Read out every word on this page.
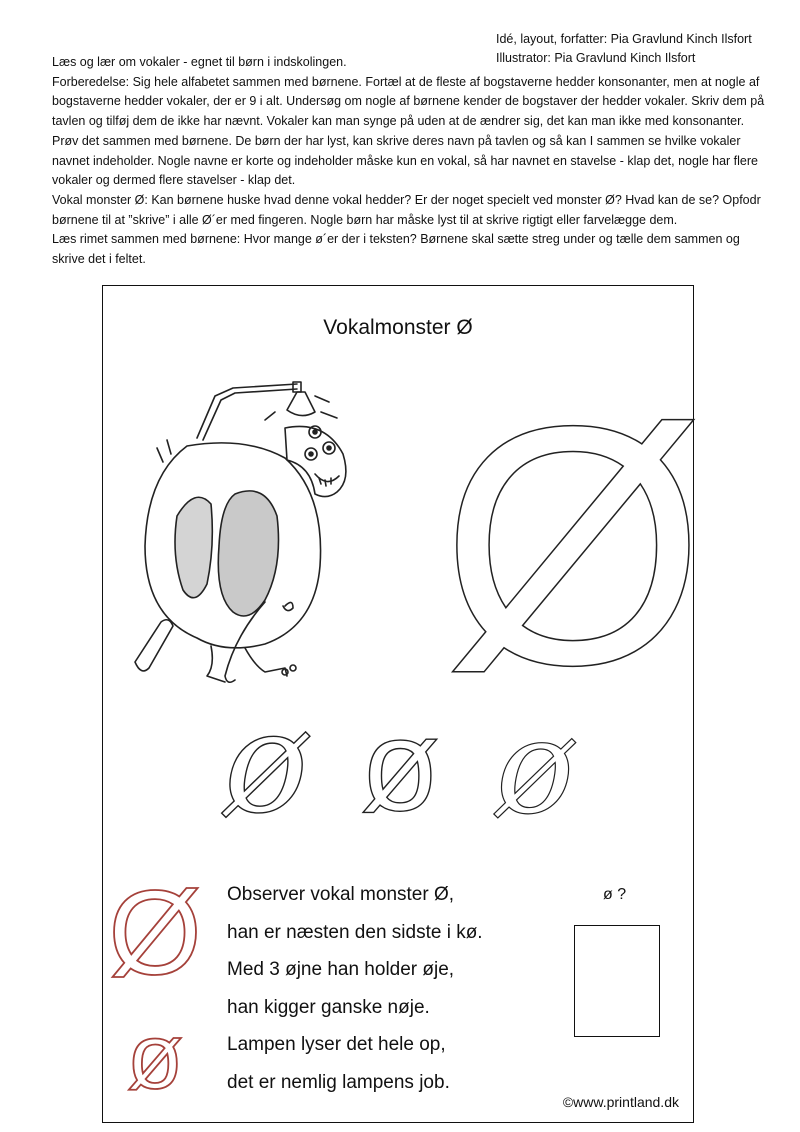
Idé, layout, forfatter: Pia Gravlund Kinch Ilsfort
Illustrator: Pia Gravlund Kinch Ilsfort

Læs og lær om vokaler - egnet til børn i indskolingen.

Forberedelse: Sig hele alfabetet sammen med børnene. Fortæl at de fleste af bogstaverne hedder konsonanter, men at nogle af bogstaverne hedder vokaler, der er 9 i alt. Undersøg om nogle af børnene kender de bogstaver der hedder vokaler. Skriv dem på tavlen og tilføj dem de ikke har nævnt. Vokaler kan man synge på uden at de ændrer sig, det kan man ikke med konsonanter. Prøv det sammen med børnene. De børn der har lyst, kan skrive deres navn på tavlen og så kan I sammen se hvilke vokaler navnet indeholder. Nogle navne er korte og indeholder måske kun en vokal, så har navnet en stavelse - klap det, nogle har flere vokaler og dermed flere stavelser - klap det.

Vokal monster Ø: Kan børnene huske hvad denne vokal hedder? Er der noget specielt ved monster Ø? Hvad kan de se? Opfodr børnene til at ”skrive” i alle Ø´er med fingeren. Nogle børn har måske lyst til at skrive rigtigt eller farvelægge dem.

Læs rimet sammen med børnene: Hvor mange ø´er der i teksten? Børnene skal sætte streg under og tælle dem sammen og skrive det i feltet.

Vokalmonster Ø
Ø
ø ø ø
Ø
ø
Observer vokal monster Ø,
han er næsten den sidste i kø.
Med 3 øjne han holder øje,
han kigger ganske nøje.
Lampen lyser det hele op,
det er nemlig lampens job.
ø ?
©www.printland.dk
